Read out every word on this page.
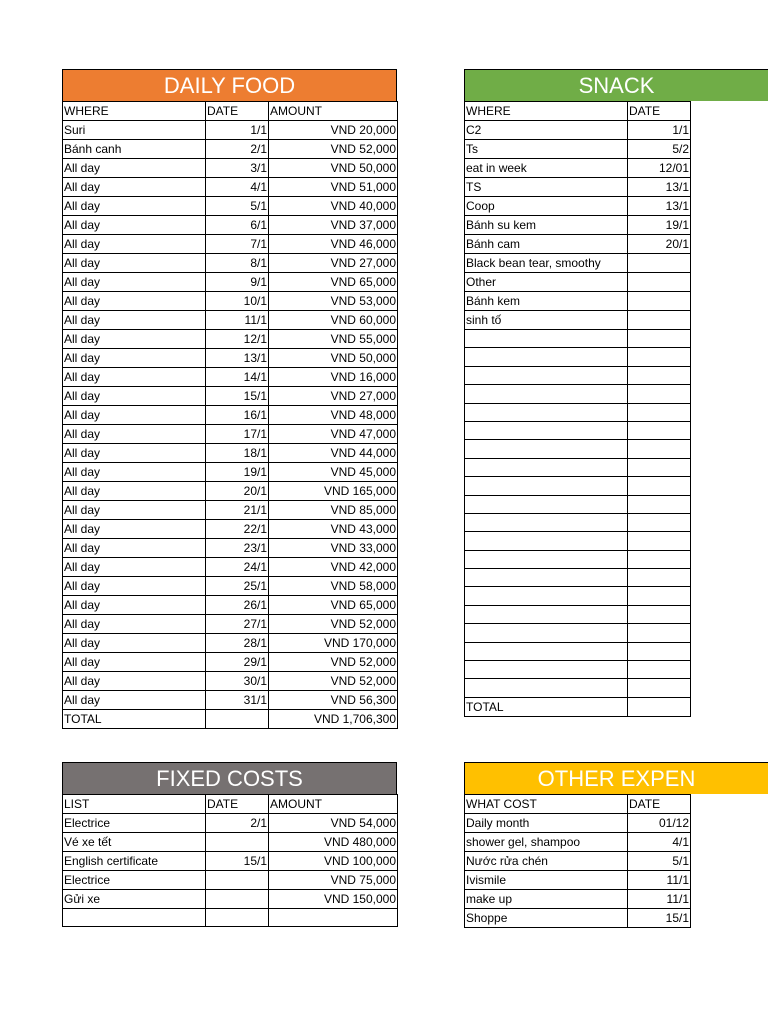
DAILY FOOD
WHERE	DATE	AMOUNT
Suri	1/1	VND 20,000
Bánh canh	2/1	VND 52,000
All day	3/1	VND 50,000
All day	4/1	VND 51,000
All day	5/1	VND 40,000
All day	6/1	VND 37,000
All day	7/1	VND 46,000
All day	8/1	VND 27,000
All day	9/1	VND 65,000
All day	10/1	VND 53,000
All day	11/1	VND 60,000
All day	12/1	VND 55,000
All day	13/1	VND 50,000
All day	14/1	VND 16,000
All day	15/1	VND 27,000
All day	16/1	VND 48,000
All day	17/1	VND 47,000
All day	18/1	VND 44,000
All day	19/1	VND 45,000
All day	20/1	VND 165,000
All day	21/1	VND 85,000
All day	22/1	VND 43,000
All day	23/1	VND 33,000
All day	24/1	VND 42,000
All day	25/1	VND 58,000
All day	26/1	VND 65,000
All day	27/1	VND 52,000
All day	28/1	VND 170,000
All day	29/1	VND 52,000
All day	30/1	VND 52,000
All day	31/1	VND 56,300
TOTAL		VND 1,706,300
SNACK
WHERE	DATE
C2	1/1
Ts	5/2
eat in week	12/01
TS	13/1
Coop	13/1
Bánh su kem	19/1
Bánh cam	20/1
Black bean tear, smoothy	
Other	
Bánh kem	
sinh tố	

TOTAL	
FIXED COSTS
LIST	DATE	AMOUNT
Electrice	2/1	VND 54,000
Vé xe tết		VND 480,000
English certificate	15/1	VND 100,000
Electrice		VND 75,000
Gửi xe		VND 150,000

OTHER EXPEN
WHAT COST	DATE
Daily month	01/12
shower gel, shampoo	4/1
Nước rửa chén	5/1
Ivismile	11/1
make up	11/1
Shoppe	15/1
